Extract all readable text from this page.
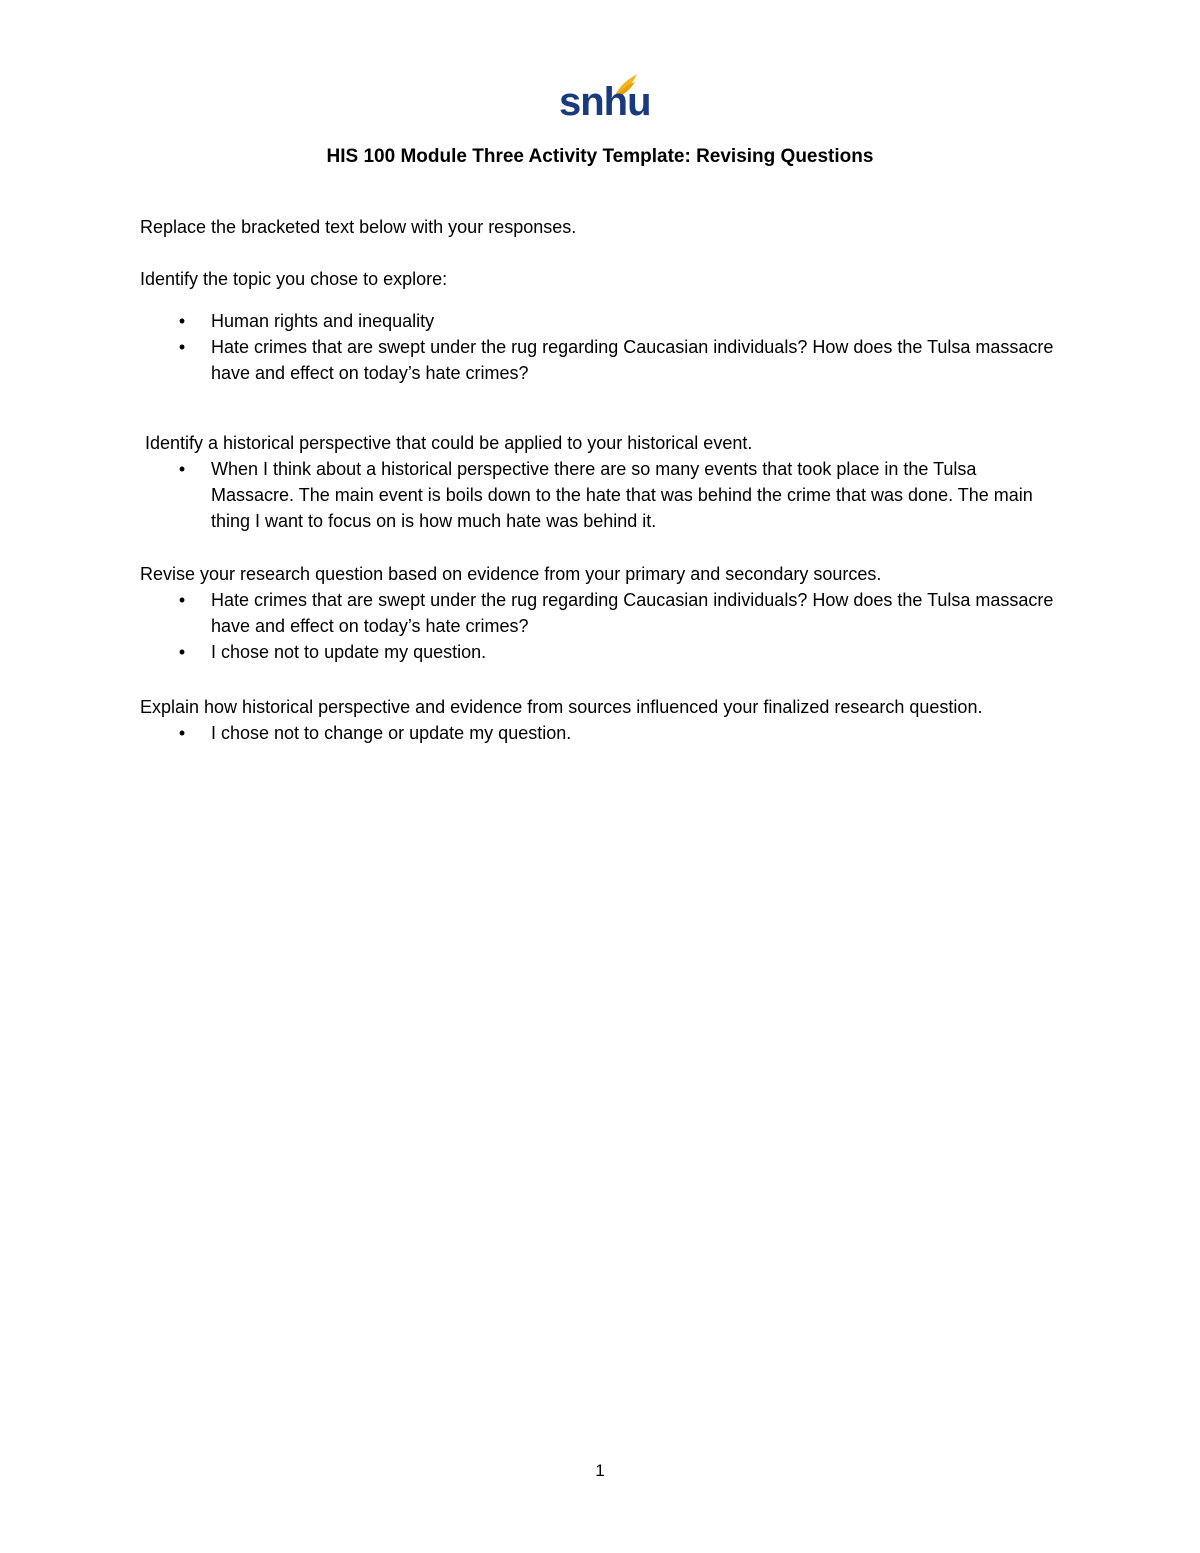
snhu
HIS 100 Module Three Activity Template: Revising Questions

Replace the bracketed text below with your responses.

Identify the topic you chose to explore:

• Human rights and inequality
• Hate crimes that are swept under the rug regarding Caucasian individuals? How does the Tulsa massacre have and effect on today’s hate crimes?

Identify a historical perspective that could be applied to your historical event.

• When I think about a historical perspective there are so many events that took place in the Tulsa Massacre. The main event is boils down to the hate that was behind the crime that was done. The main thing I want to focus on is how much hate was behind it.

Revise your research question based on evidence from your primary and secondary sources.

• Hate crimes that are swept under the rug regarding Caucasian individuals? How does the Tulsa massacre have and effect on today’s hate crimes?
• I chose not to update my question.

Explain how historical perspective and evidence from sources influenced your finalized research question.

• I chose not to change or update my question.
1
